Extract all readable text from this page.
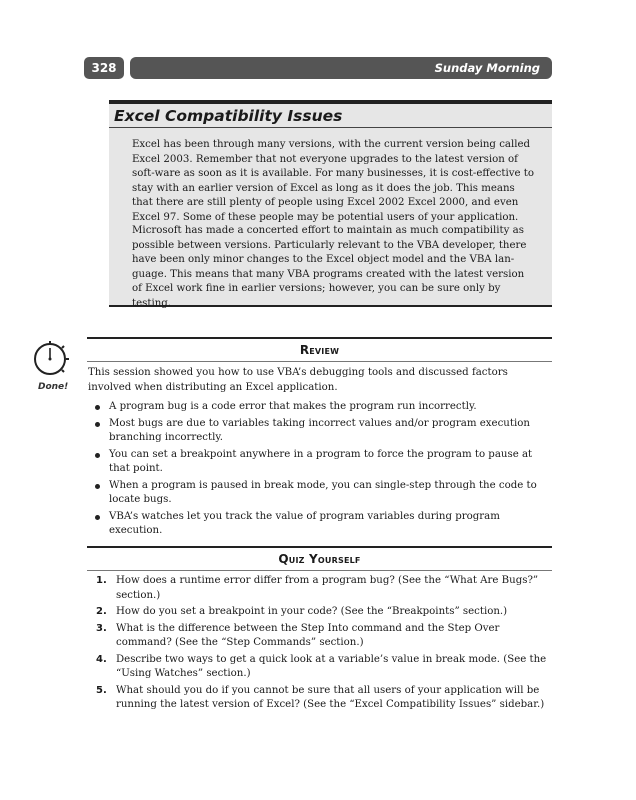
328	Sunday Morning
Excel Compatibility Issues

Excel has been through many versions, with the current version being called Excel 2003. Remember that not everyone upgrades to the latest version of soft-ware as soon as it is available. For many businesses, it is cost-effective to stay with an earlier version of Excel as long as it does the job. This means that there are still plenty of people using Excel 2002 Excel 2000, and even Excel 97. Some of these people may be potential users of your application.

Microsoft has made a concerted effort to maintain as much compatibility as possible between versions. Particularly relevant to the VBA developer, there have been only minor changes to the Excel object model and the VBA lan-guage. This means that many VBA programs created with the latest version of Excel work fine in earlier versions; however, you can be sure only by testing.

Review
Done!

This session showed you how to use VBA’s debugging tools and discussed factors involved when distributing an Excel application.

A program bug is a code error that makes the program run incorrectly.
Most bugs are due to variables taking incorrect values and/or program execution branching incorrectly.
You can set a breakpoint anywhere in a program to force the program to pause at that point.
When a program is paused in break mode, you can single-step through the code to locate bugs.
VBA’s watches let you track the value of program variables during program execution.
Quiz Yourself
1. How does a runtime error differ from a program bug? (See the “What Are Bugs?” section.)
2. How do you set a breakpoint in your code? (See the “Breakpoints” section.)
3. What is the difference between the Step Into command and the Step Over command? (See the “Step Commands” section.)
4. Describe two ways to get a quick look at a variable’s value in break mode. (See the “Using Watches” section.)
5. What should you do if you cannot be sure that all users of your application will be running the latest version of Excel? (See the “Excel Compatibility Issues” sidebar.)
